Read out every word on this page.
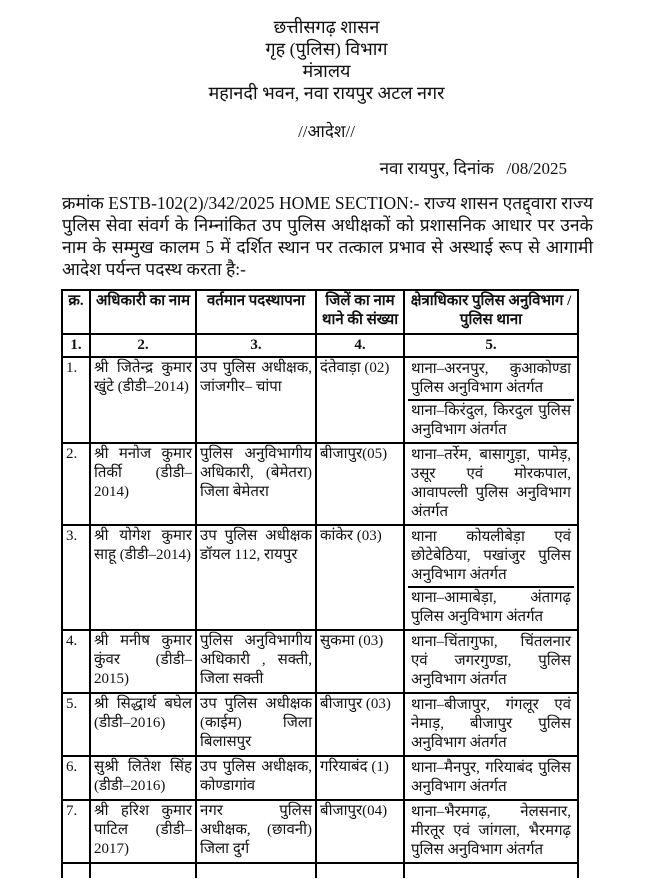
छत्तीसगढ़ शासन
गृह (पुलिस) विभाग
मंत्रालय
महानदी भवन, नवा रायपुर अटल नगर
//आदेश//
नवा रायपुर, दिनांक   /08/2025
क्रमांक ESTB-102(2)/342/2025 HOME SECTION:- राज्य शासन एतद्द्वारा राज्य पुलिस सेवा संवर्ग के निम्नांकित उप पुलिस अधीक्षकों को प्रशासनिक आधार पर उनके नाम के सम्मुख कालम 5 में दर्शित स्थान पर तत्काल प्रभाव से अस्थाई रूप से आगामी आदेश पर्यन्त पदस्थ करता है:-
क्र.	अधिकारी का नाम	वर्तमान पदस्थापना	जिलें का नाम थाने की संख्या	क्षेत्राधिकार पुलिस अनुविभाग /पुलिस थाना
1.	2.	3.	4.	5.
1.	श्री जितेन्द्र कुमार खुंटे (डीडी–2014)	उप पुलिस अधीक्षक, जांजगीर– चांपा	दंतेवाड़ा (02)	थाना–अरनपुर, कुआकोण्डा पुलिस अनुविभाग अंतर्गत
थाना–किरंदुल, किरदुल पुलिस अनुविभाग अंतर्गत

2.	श्री मनोज कुमार तिर्की (डीडी–2014)	पुलिस अनुविभागीय अधिकारी, (बेमेतरा) जिला बेमेतरा	बीजापुर(05)	थाना–तर्रेम, बासागुड़ा, पामेड़, उसूर एवं मोरकपाल, आवापल्ली पुलिस अनुविभाग अंतर्गत

3.	श्री योगेश कुमार साहू (डीडी–2014)	उप पुलिस अधीक्षक डॉयल 112, रायपुर	कांकेर (03)	थाना कोयलीबेड़ा एवं छोटेबेठिया, पखांजुर पुलिस अनुविभाग अंतर्गत
थाना–आमाबेड़ा, अंतागढ़ पुलिस अनुविभाग अंतर्गत

4.	श्री मनीष कुमार कुंवर (डीडी–2015)	पुलिस अनुविभागीय अधिकारी , सक्ती, जिला सक्ती	सुकमा (03)	थाना–चिंतागुफा, चिंतलनार एवं जगरगुण्डा, पुलिस अनुविभाग अंतर्गत

5.	श्री सिद्धार्थ बघेल (डीडी–2016)	उप पुलिस अधीक्षक (काईम) जिला बिलासपुर	बीजापुर (03)	थाना–बीजापुर, गंगलूर एवं नेमाड़, बीजापुर पुलिस अनुविभाग अंतर्गत

6.	सुश्री लितेश सिंह (डीडी–2016)	उप पुलिस अधीक्षक, कोण्डागांव	गरियाबंद (1)	थाना–मैनपुर, गरियाबंद पुलिस अनुविभाग अंतर्गत

7.	श्री हरिश कुमार पाटिल (डीडी–2017)	नगर पुलिस अधीक्षक, (छावनी) जिला दुर्ग	बीजापुर(04)	थाना–भैरमगढ़, नेलसनार, मीरतूर एवं जांगला, भैरमगढ़ पुलिस अनुविभाग अंतर्गत
